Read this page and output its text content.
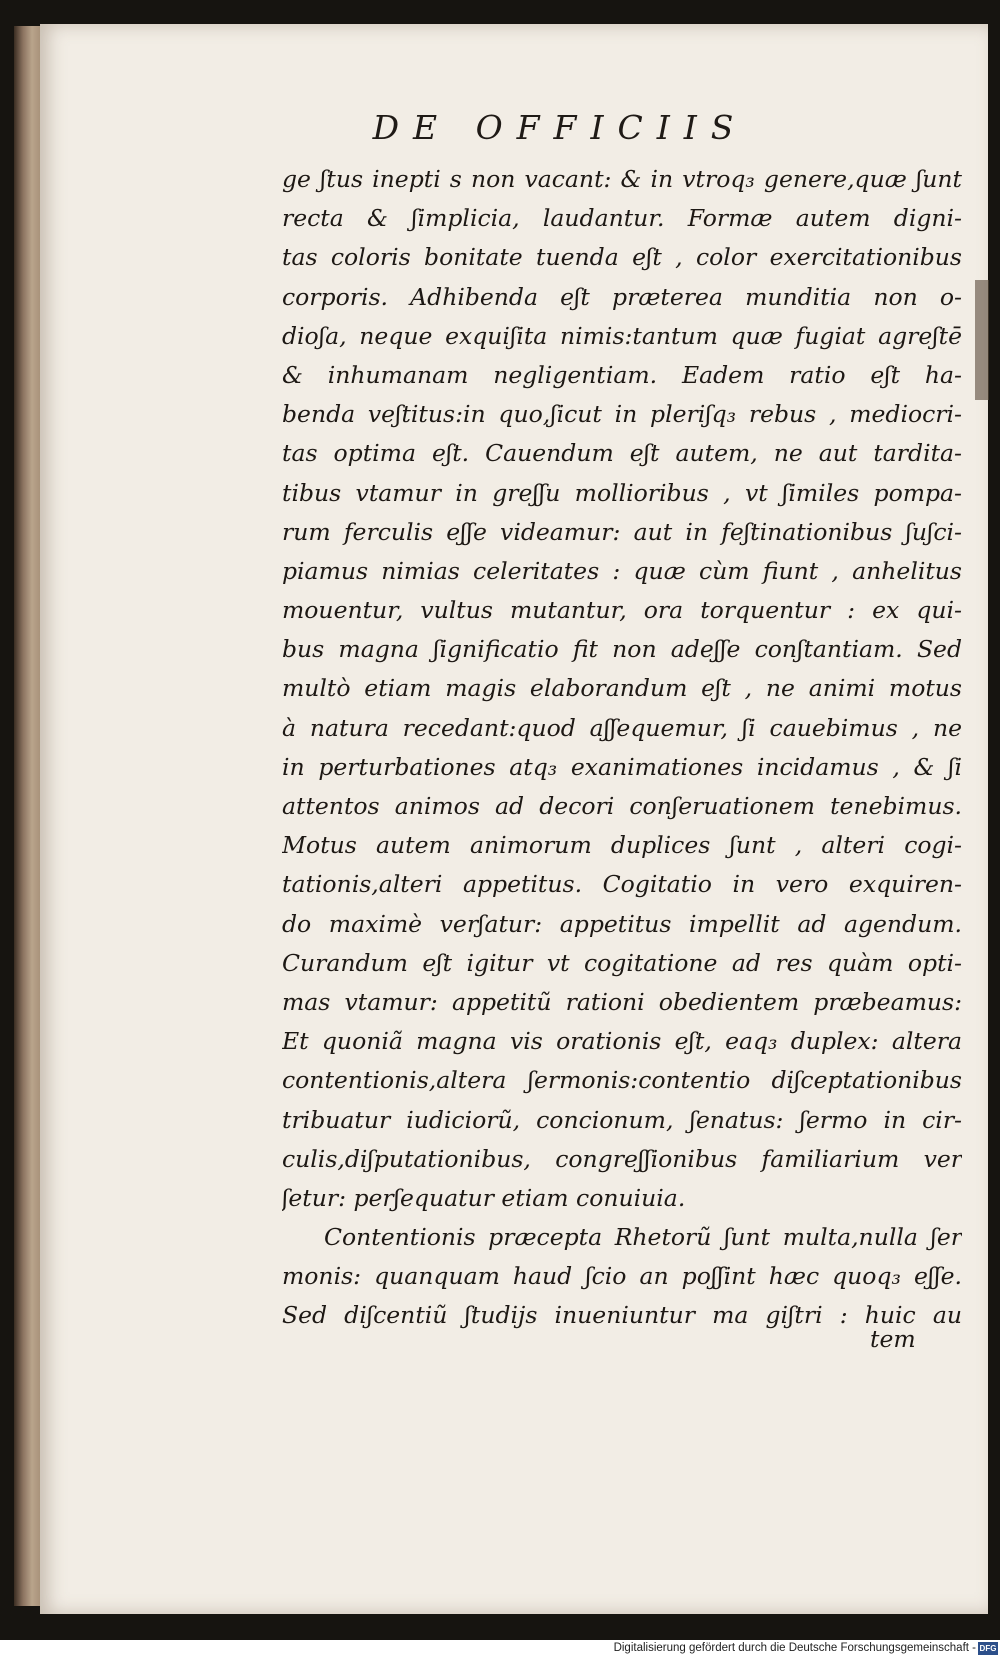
DE OFFICIIS
ge ʃtus inepti s non vacant: & in vtroq₃ genere,quæ ʃunt
recta & ʃimplicia, laudantur. Formæ autem digni-
tas coloris bonitate tuenda eʃt , color exercitationibus
corporis. Adhibenda eʃt præterea munditia non o-
dioʃa, neque exquiʃita nimis:tantum quæ fugiat agreʃtē
& inhumanam negligentiam. Eadem ratio eʃt ha-
benda veʃtitus:in quo,ʃicut in pleriʃq₃ rebus , mediocri-
tas optima eʃt. Cauendum eʃt autem, ne aut tardita-
tibus vtamur in greʃʃu mollioribus , vt ʃimiles pompa-
rum ferculis eʃʃe videamur: aut in feʃtinationibus ʃuʃci-
piamus nimias celeritates : quæ cùm fiunt , anhelitus
mouentur, vultus mutantur, ora torquentur : ex qui-
bus magna ʃignificatio fit non adeʃʃe conʃtantiam. Sed
multò etiam magis elaborandum eʃt , ne animi motus
à natura recedant:quod aʃʃequemur, ʃi cauebimus , ne
in perturbationes atq₃ exanimationes incidamus , & ʃi
attentos animos ad decori conʃeruationem tenebimus.
Motus autem animorum duplices ʃunt , alteri cogi-
tationis,alteri appetitus. Cogitatio in vero exquiren-
do maximè verʃatur: appetitus impellit ad agendum.
Curandum eʃt igitur vt cogitatione ad res quàm opti-
mas vtamur: appetitũ rationi obedientem præbeamus:
Et quoniã magna vis orationis eʃt, eaq₃ duplex: altera
contentionis,altera ʃermonis:contentio diʃceptationibus
tribuatur iudiciorũ, concionum, ʃenatus: ʃermo in cir-
culis,diʃputationibus, congreʃʃionibus familiarium ver
ʃetur: perʃequatur etiam conuiuia.
Contentionis præcepta Rhetorũ ʃunt multa,nulla ʃer
monis: quanquam haud ʃcio an poʃʃint hæc quoq₃ eʃʃe.
Sed diʃcentiũ ʃtudijs inueniuntur ma giʃtri : huic au
tem
Digitalisierung gefördert durch die Deutsche Forschungsgemeinschaft - DFG
